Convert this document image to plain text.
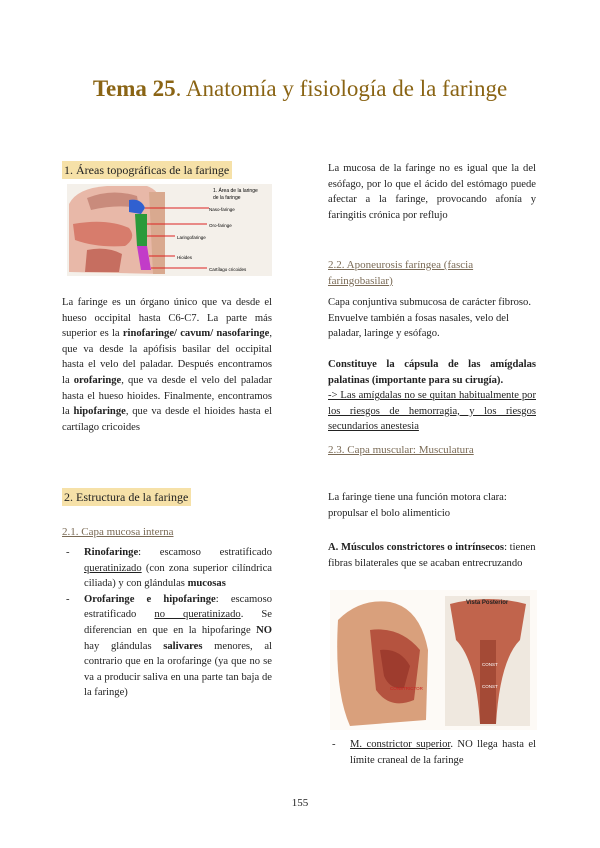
Tema 25. Anatomía y fisiología de la faringe
1. Áreas topográficas de la faringe
1. Área de la laringe
de la faringe
Naso-faringe
Oro-faringe
Laringofaringe
Hioides
Cartílago cricoides
La faringe es un órgano único que va desde el hueso occipital hasta C6-C7. La parte más superior es la rinofaringe/ cavum/ nasofaringe, que va desde la apófisis basilar del occipital hasta el velo del paladar. Después encontramos la orofaringe, que va desde el velo del paladar hasta el hueso hioides. Finalmente, encontramos la hipofaringe, que va desde el hioides hasta el cartílago cricoides
2. Estructura de la faringe
2.1. Capa mucosa interna
- Rinofaringe: escamoso estratificado queratinizado (con zona superior cilíndrica ciliada) y con glándulas mucosas
- Orofaringe e hipofaringe: escamoso estratificado no queratinizado. Se diferencian en que en la hipofaringe NO hay glándulas salivares menores, al contrario que en la orofaringe (ya que no se va a producir saliva en una parte tan baja de la faringe)
La mucosa de la faringe no es igual que la del esófago, por lo que el ácido del estómago puede afectar a la faringe, provocando afonía y faringitis crónica por reflujo
2.2. Aponeurosis faríngea (fascia faringobasilar)
Capa conjuntiva submucosa de carácter fibroso. Envuelve también a fosas nasales, velo del paladar, laringe y esófago.
Constituye la cápsula de las amígdalas palatinas (importante para su cirugía).
-> Las amígdalas no se quitan habitualmente por los riesgos de hemorragia, y los riesgos secundarios anestesia
2.3. Capa muscular: Musculatura
La faringe tiene una función motora clara: propulsar el bolo alimenticio
A. Músculos constrictores o intrínsecos: tienen fibras bilaterales que se acaban entrecruzando
Vista Posterior
CONSTRICTOR
CONST
CONST
- M. constrictor superior. NO llega hasta el límite craneal de la faringe
155
